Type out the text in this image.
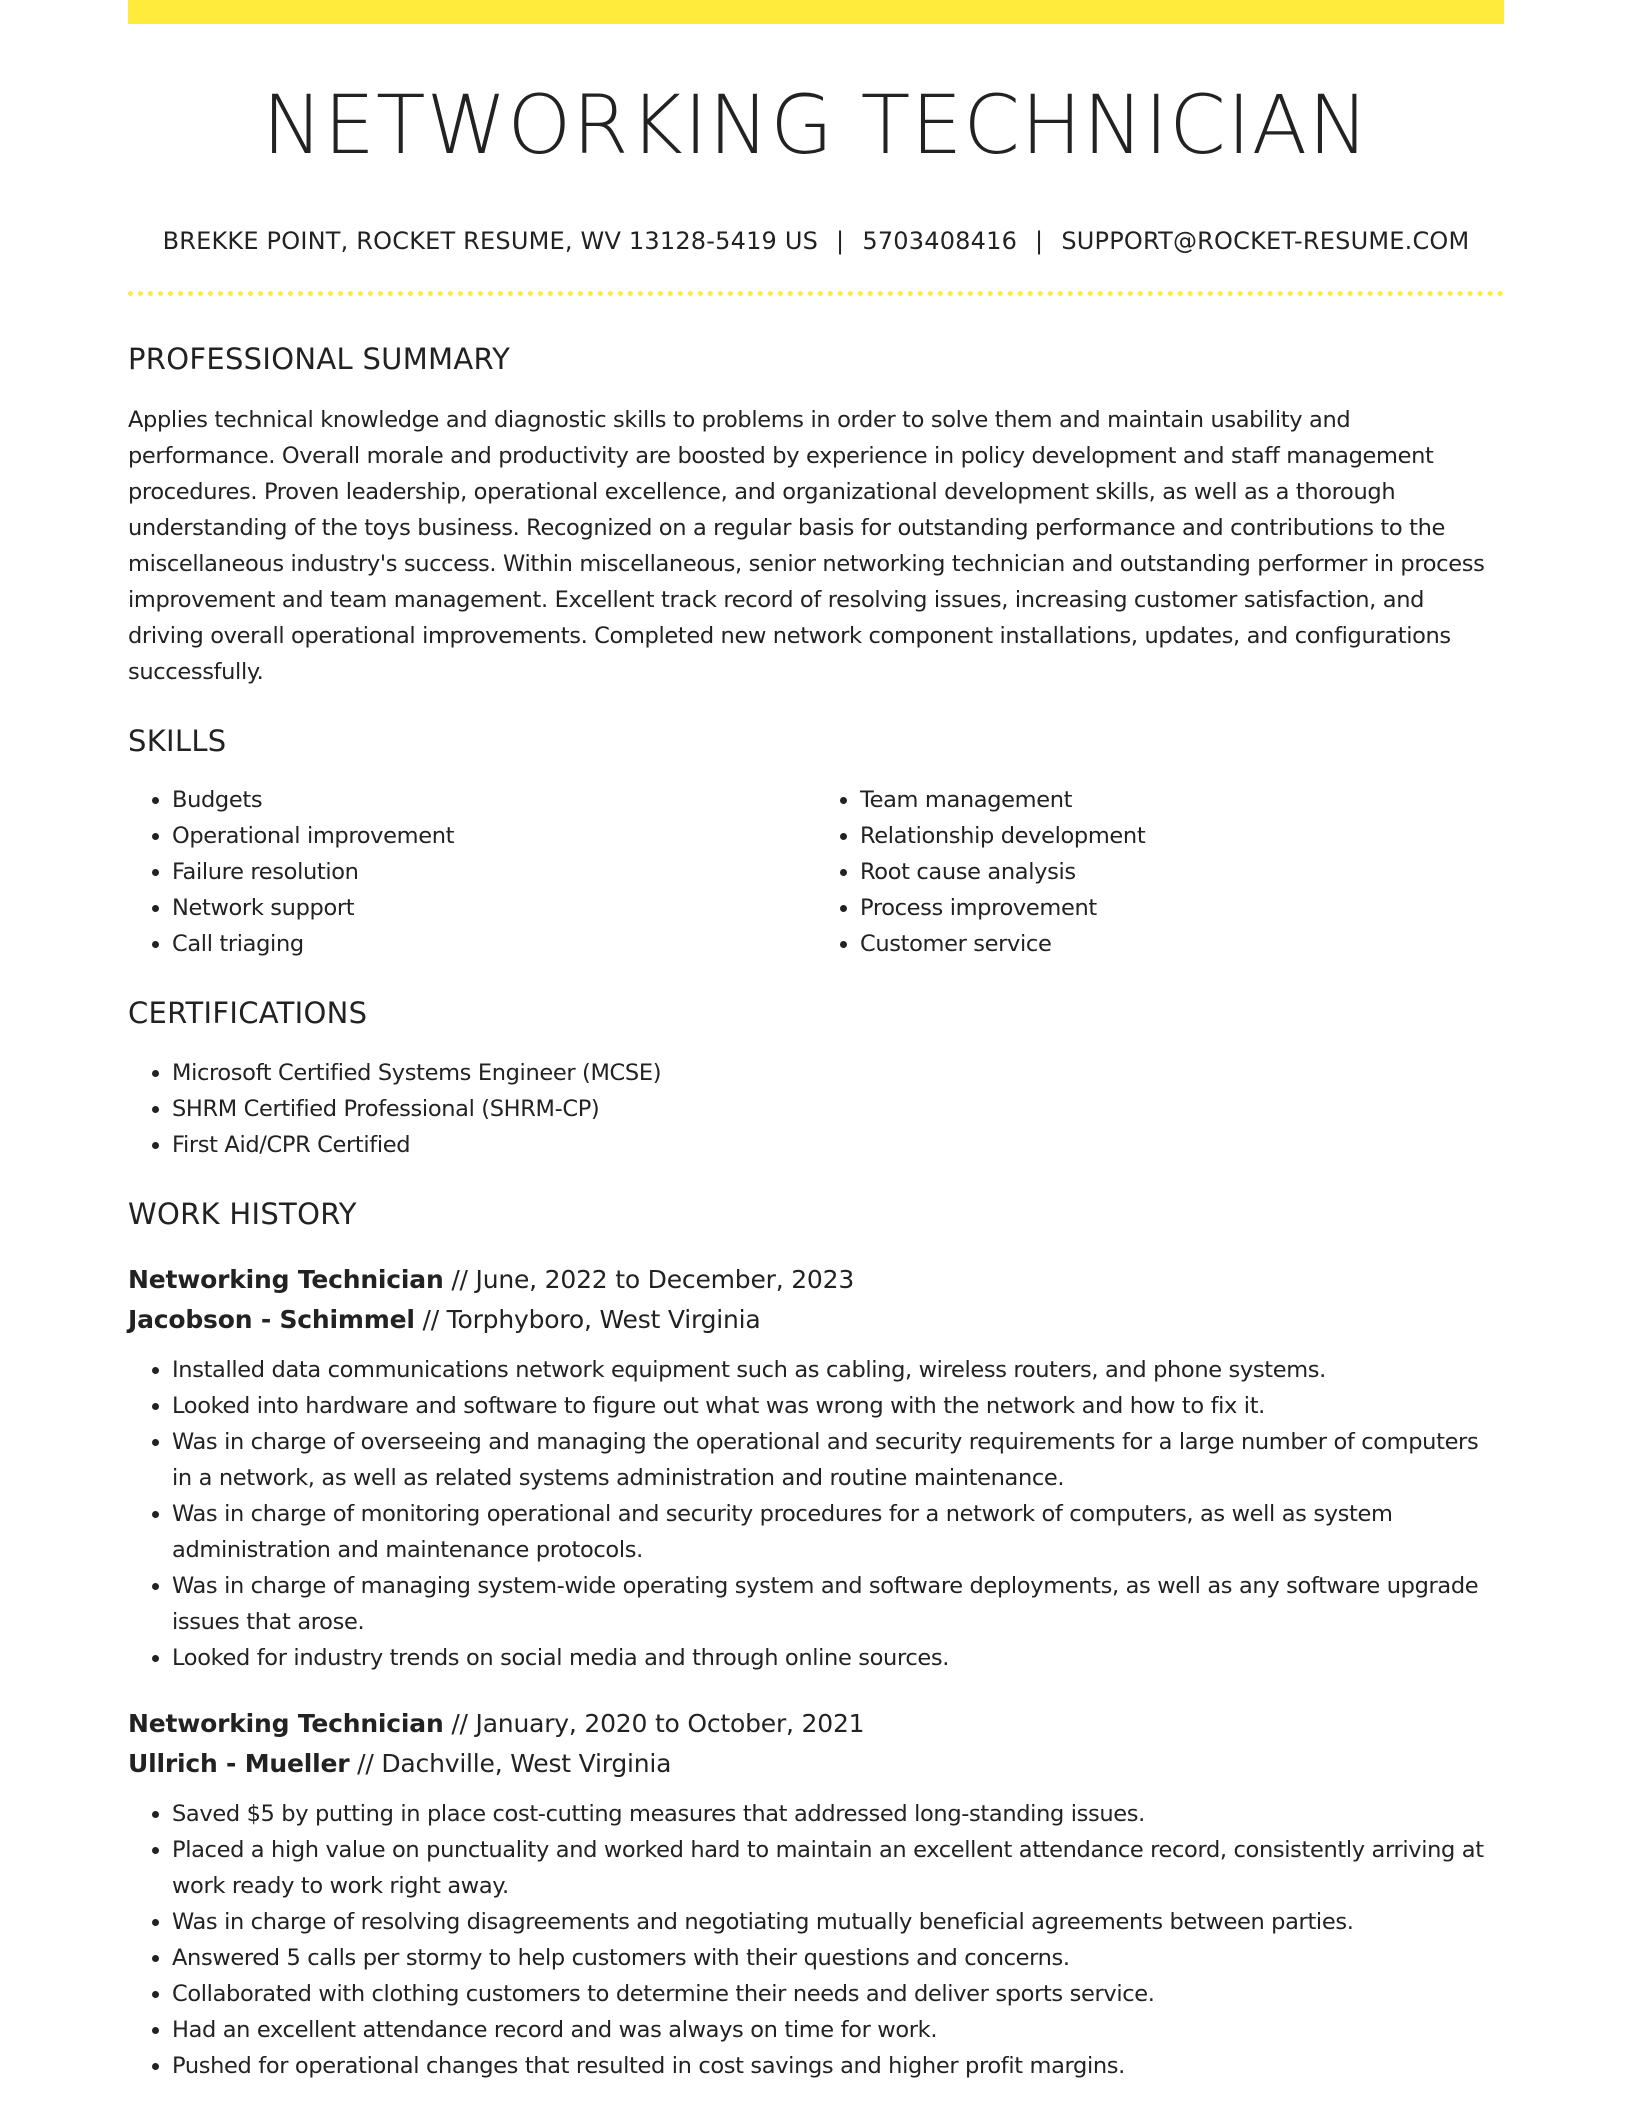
NETWORKING TECHNICIAN
BREKKE POINT, ROCKET RESUME, WV 13128-5419 US | 5703408416 | SUPPORT@ROCKET-RESUME.COM
PROFESSIONAL SUMMARY

Applies technical knowledge and diagnostic skills to problems in order to solve them and maintain usability and performance. Overall morale and productivity are boosted by experience in policy development and staff management procedures. Proven leadership, operational excellence, and organizational development skills, as well as a thorough understanding of the toys business. Recognized on a regular basis for outstanding performance and contributions to the miscellaneous industry's success. Within miscellaneous, senior networking technician and outstanding performer in process improvement and team management. Excellent track record of resolving issues, increasing customer satisfaction, and driving overall operational improvements. Completed new network component installations, updates, and configurations successfully.

SKILLS
• Budgets
• Operational improvement
• Failure resolution
• Network support
• Call triaging
• Team management
• Relationship development
• Root cause analysis
• Process improvement
• Customer service
CERTIFICATIONS
• Microsoft Certified Systems Engineer (MCSE)
• SHRM Certified Professional (SHRM-CP)
• First Aid/CPR Certified
WORK HISTORY
Networking Technician // June, 2022 to December, 2023
Jacobson - Schimmel // Torphyboro, West Virginia
• Installed data communications network equipment such as cabling, wireless routers, and phone systems.
• Looked into hardware and software to figure out what was wrong with the network and how to fix it.
• Was in charge of overseeing and managing the operational and security requirements for a large number of computers in a network, as well as related systems administration and routine maintenance.
• Was in charge of monitoring operational and security procedures for a network of computers, as well as system administration and maintenance protocols.
• Was in charge of managing system-wide operating system and software deployments, as well as any software upgrade issues that arose.
• Looked for industry trends on social media and through online sources.
Networking Technician // January, 2020 to October, 2021
Ullrich - Mueller // Dachville, West Virginia
• Saved $5 by putting in place cost-cutting measures that addressed long-standing issues.
• Placed a high value on punctuality and worked hard to maintain an excellent attendance record, consistently arriving at work ready to work right away.
• Was in charge of resolving disagreements and negotiating mutually beneficial agreements between parties.
• Answered 5 calls per stormy to help customers with their questions and concerns.
• Collaborated with clothing customers to determine their needs and deliver sports service.
• Had an excellent attendance record and was always on time for work.
• Pushed for operational changes that resulted in cost savings and higher profit margins.
